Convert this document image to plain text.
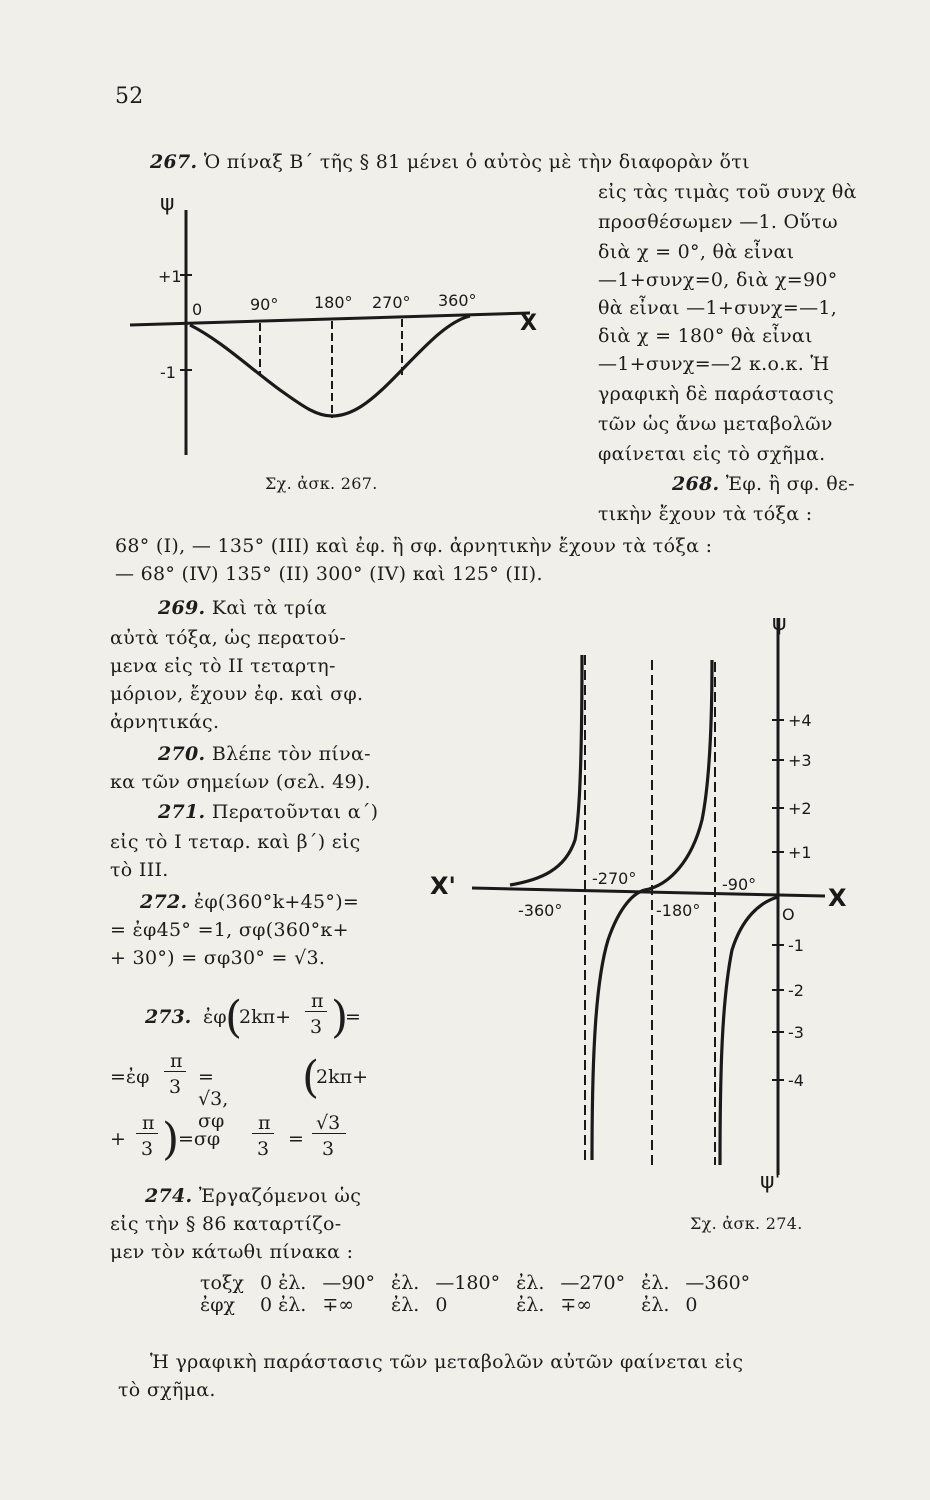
52
267. Ὁ πίναξ Β΄ τῆς § 81 μένει ὁ αὐτὸς μὲ τὴν διαφορὰν ὅτι
εἰς τὰς τιμὰς τοῦ συνχ θὰ
προσθέσωμεν —1. Οὕτω
διὰ χ = 0°, θὰ εἶναι
—1+συνχ=0, διὰ χ=90°
θὰ εἶναι —1+συνχ=—1,
διὰ χ = 180° θὰ εἶναι
—1+συνχ=—2 κ.ο.κ. Ἡ
γραφικὴ δὲ παράστασις
τῶν ὡς ἄνω μεταβολῶν
φαίνεται εἰς τὸ σχῆμα.
ψ
+1
-1
0	90° 180° 270° 360°
X
Σχ. ἀσκ. 267.	268. Ἐφ. ἢ σφ. θε-
τικὴν ἔχουν τὰ τόξα :
68° (I), — 135° (III) καὶ ἐφ. ἢ σφ. ἀρνητικὴν ἔχουν τὰ τόξα :
— 68° (IV) 135° (II) 300° (IV) καὶ 125° (II).
269. Καὶ τὰ τρία
αὐτὰ τόξα, ὡς περατού-
μενα εἰς τὸ II τεταρτη-
μόριον, ἔχουν ἐφ. καὶ σφ.
ἀρνητικάς.
270. Βλέπε τὸν πίνα-
κα τῶν σημείων (σελ. 49).
271. Περατοῦνται α΄)
εἰς τὸ I τεταρ. καὶ β΄) εἰς
τὸ III.
272. ἐφ(360°k+45°)=
= ἐφ45° =1, σφ(360°κ+
+ 30°) = σφ30° = √3.
273. ἐφ
(
2kπ+
π
3 )
=
=ἐφ
π
3 = √3, σφ
(
2kπ+
+
π
3 )
=σφ
π
3 =
√3
3
274. Ἐργαζόμενοι ὡς
εἰς τὴν § 86 καταρτίζο-
μεν τὸν κάτωθι πίνακα :
ψ
ψ'
X'	X
O
-360°
-270°
-180°
-90°
+4
+3
+2
+1
-1
-2
-3
-4
Σχ. ἀσκ. 274.
τοξχ	0 ἐλ.	—90°	ἐλ.	—180°	ἐλ.	—270°	ἐλ.	—360°
ἐφχ	0 ἐλ.	∓∞	ἐλ.	0	ἐλ.	∓∞	ἐλ.	0
Ἡ γραφικὴ παράστασις τῶν μεταβολῶν αὐτῶν φαίνεται εἰς
τὸ σχῆμα.
